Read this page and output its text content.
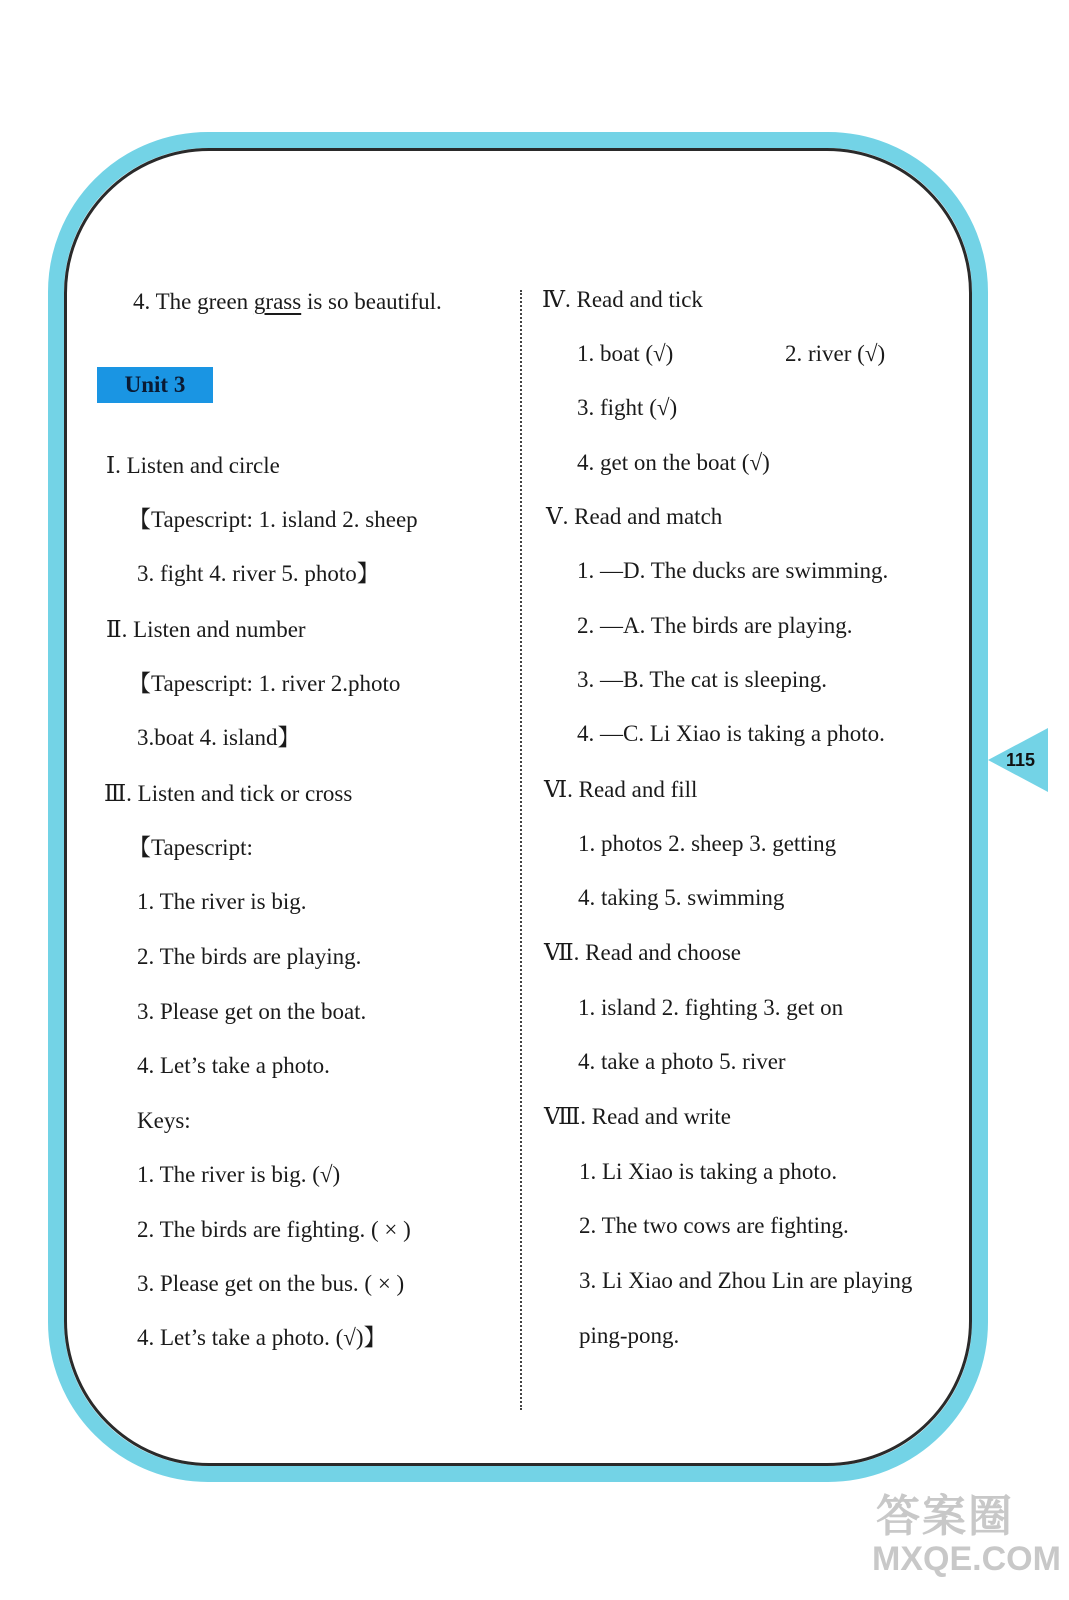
4. The green grass is so beautiful.
Unit 3
Ⅰ. Listen and circle
【Tapescript: 1. island 2. sheep
3. fight 4. river 5. photo】
Ⅱ. Listen and number
【Tapescript: 1. river 2.photo
3.boat 4. island】
Ⅲ. Listen and tick or cross
【Tapescript:
1. The river is big.
2. The birds are playing.
3. Please get on the boat.
4. Let’s take a photo.
Keys:
1. The river is big. (√)
2. The birds are fighting. ( × )
3. Please get on the bus. ( × )
4. Let’s take a photo. (√)】
Ⅳ. Read and tick
1. boat (√)	2. river (√)
3. fight (√)
4. get on the boat (√)
Ⅴ. Read and match
1. —D. The ducks are swimming.
2. —A. The birds are playing.
3. —B. The cat is sleeping.
4. —C. Li Xiao is taking a photo.
Ⅵ. Read and fill
1. photos 2. sheep 3. getting
4. taking 5. swimming
Ⅶ. Read and choose
1. island 2. fighting 3. get on
4. take a photo 5. river
Ⅷ. Read and write
1. Li Xiao is taking a photo.
2. The two cows are fighting.
3. Li Xiao and Zhou Lin are playing
ping-pong.
115
答案圈
MXQE.COM
